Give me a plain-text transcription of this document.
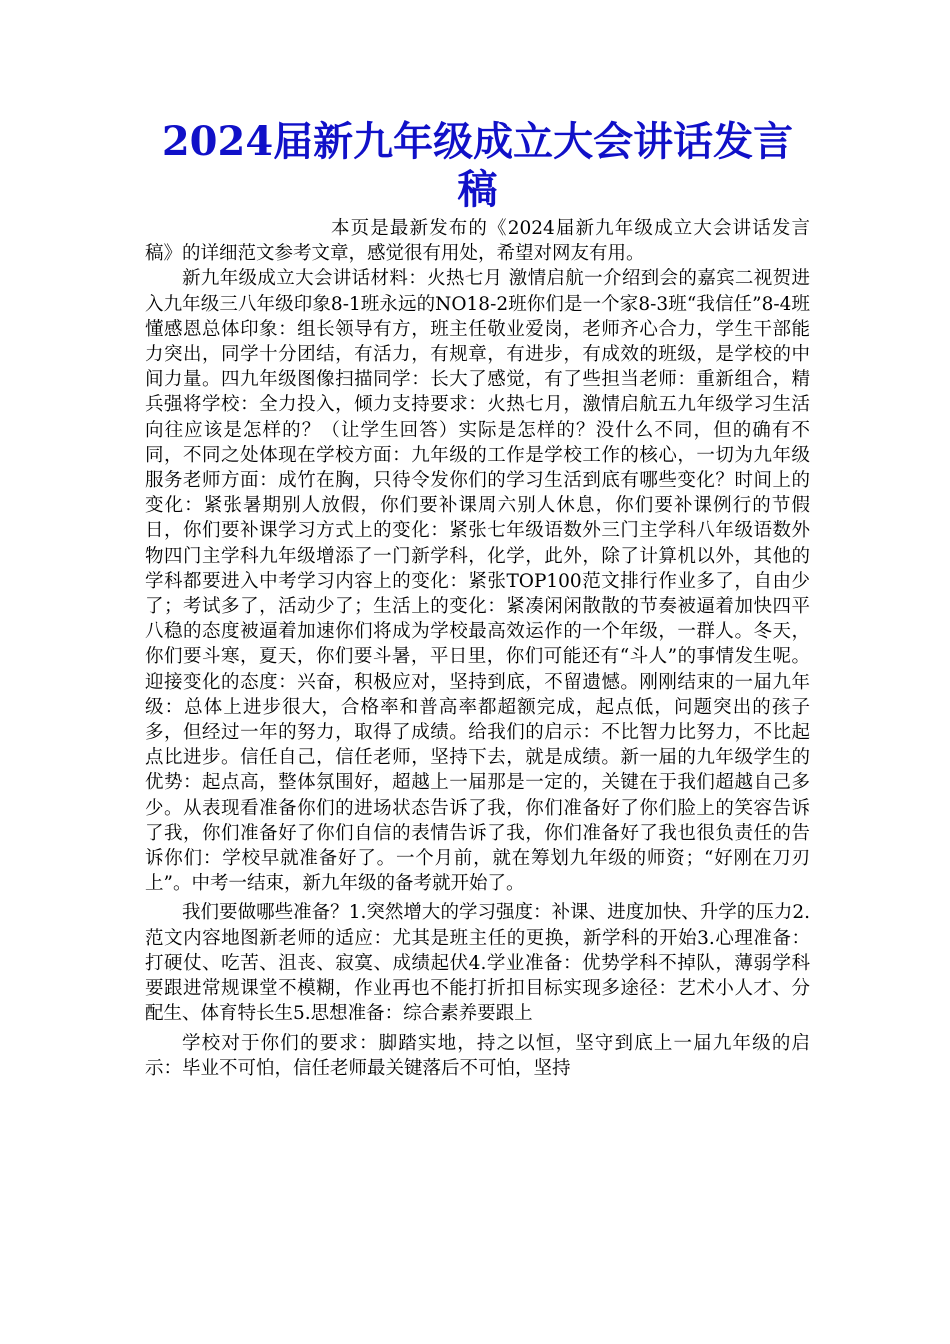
2024届新九年级成立大会讲话发言稿

本页是最新发布的《2024届新九年级成立大会讲话发言稿》的详细范文参考文章，感觉很有用处，希望对网友有用。

新九年级成立大会讲话材料：火热七月 激情启航一介绍到会的嘉宾二视贺进入九年级三八年级印象8-1班永远的NO18-2班你们是一个家8-3班“我信任”8-4班懂感恩总体印象：组长领导有方，班主任敬业爱岗，老师齐心合力，学生干部能力突出，同学十分团结，有活力，有规章，有进步，有成效的班级，是学校的中间力量。四九年级图像扫描同学：长大了感觉，有了些担当老师：重新组合，精兵强将学校：全力投入，倾力支持要求：火热七月，激情启航五九年级学习生活向往应该是怎样的？（让学生回答）实际是怎样的？没什么不同，但的确有不同，不同之处体现在学校方面：九年级的工作是学校工作的核心，一切为九年级服务老师方面：成竹在胸，只待令发你们的学习生活到底有哪些变化？时间上的变化：紧张暑期别人放假，你们要补课周六别人休息，你们要补课例行的节假日，你们要补课学习方式上的变化：紧张七年级语数外三门主学科八年级语数外物四门主学科九年级增添了一门新学科，化学，此外，除了计算机以外，其他的学科都要进入中考学习内容上的变化：紧张TOP100范文排行作业多了，自由少了；考试多了，活动少了；生活上的变化：紧凑闲闲散散的节奏被逼着加快四平八稳的态度被逼着加速你们将成为学校最高效运作的一个年级，一群人。冬天，你们要斗寒，夏天，你们要斗暑，平日里，你们可能还有“斗人”的事情发生呢。迎接变化的态度：兴奋，积极应对，坚持到底，不留遗憾。刚刚结束的一届九年级：总体上进步很大，合格率和普高率都超额完成，起点低，问题突出的孩子多，但经过一年的努力，取得了成绩。给我们的启示：不比智力比努力，不比起点比进步。信任自己，信任老师，坚持下去，就是成绩。新一届的九年级学生的优势：起点高，整体氛围好，超越上一届那是一定的，关键在于我们超越自己多少。从表现看准备你们的进场状态告诉了我，你们准备好了你们脸上的笑容告诉了我，你们准备好了你们自信的表情告诉了我，你们准备好了我也很负责任的告诉你们：学校早就准备好了。一个月前，就在筹划九年级的师资；“好刚在刀刃上”。中考一结束，新九年级的备考就开始了。

我们要做哪些准备？1.突然增大的学习强度：补课、进度加快、升学的压力2.范文内容地图新老师的适应：尤其是班主任的更换，新学科的开始3.心理准备：打硬仗、吃苦、沮丧、寂寞、成绩起伏4.学业准备：优势学科不掉队，薄弱学科要跟进常规课堂不模糊，作业再也不能打折扣目标实现多途径：艺术小人才、分配生、体育特长生5.思想准备：综合素养要跟上

学校对于你们的要求：脚踏实地，持之以恒，坚守到底上一届九年级的启示：毕业不可怕，信任老师最关键落后不可怕，坚持
